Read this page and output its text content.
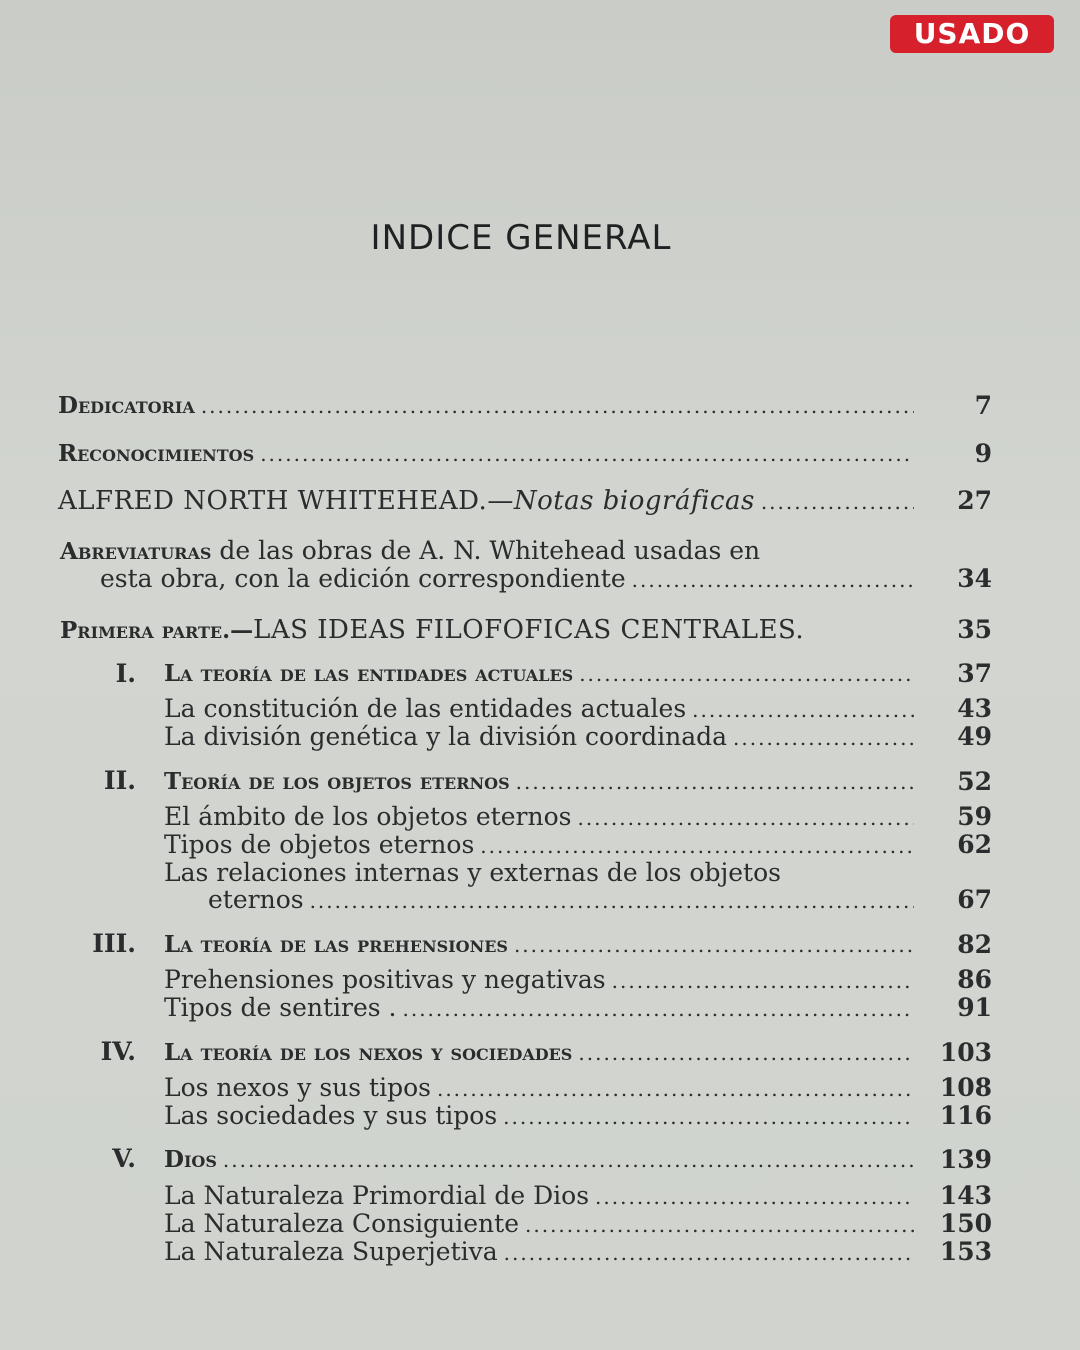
USADO
INDICE GENERAL
Dedicatoria .....	7
Reconocimientos .....	9
ALFRED NORTH WHITEHEAD.— Notas biográficas .....	27
Abreviaturas de las obras de A. N. Whitehead usadas en
esta obra, con la edición correspondiente .....	34
Primera parte.—LAS IDEAS FILOFOFICAS CENTRALES.	35
I. La teoría de las entidades actuales .....	37
La constitución de las entidades actuales .....	43
La división genética y la división coordinada .....	49
II. Teoría de los objetos eternos .....	52
El ámbito de los objetos eternos .....	59
Tipos de objetos eternos .....	62
Las relaciones internas y externas de los objetos
eternos .....	67
III. La teoría de las prehensiones .....	82
Prehensiones positivas y negativas .....	86
Tipos de sentires . .....	91
IV. La teoría de los nexos y sociedades .....	103
Los nexos y sus tipos .....	108
Las sociedades y sus tipos .....	116
V. Dios .....	139
La Naturaleza Primordial de Dios .....	143
La Naturaleza Consiguiente .....	150
La Naturaleza Superjetiva .....	153
